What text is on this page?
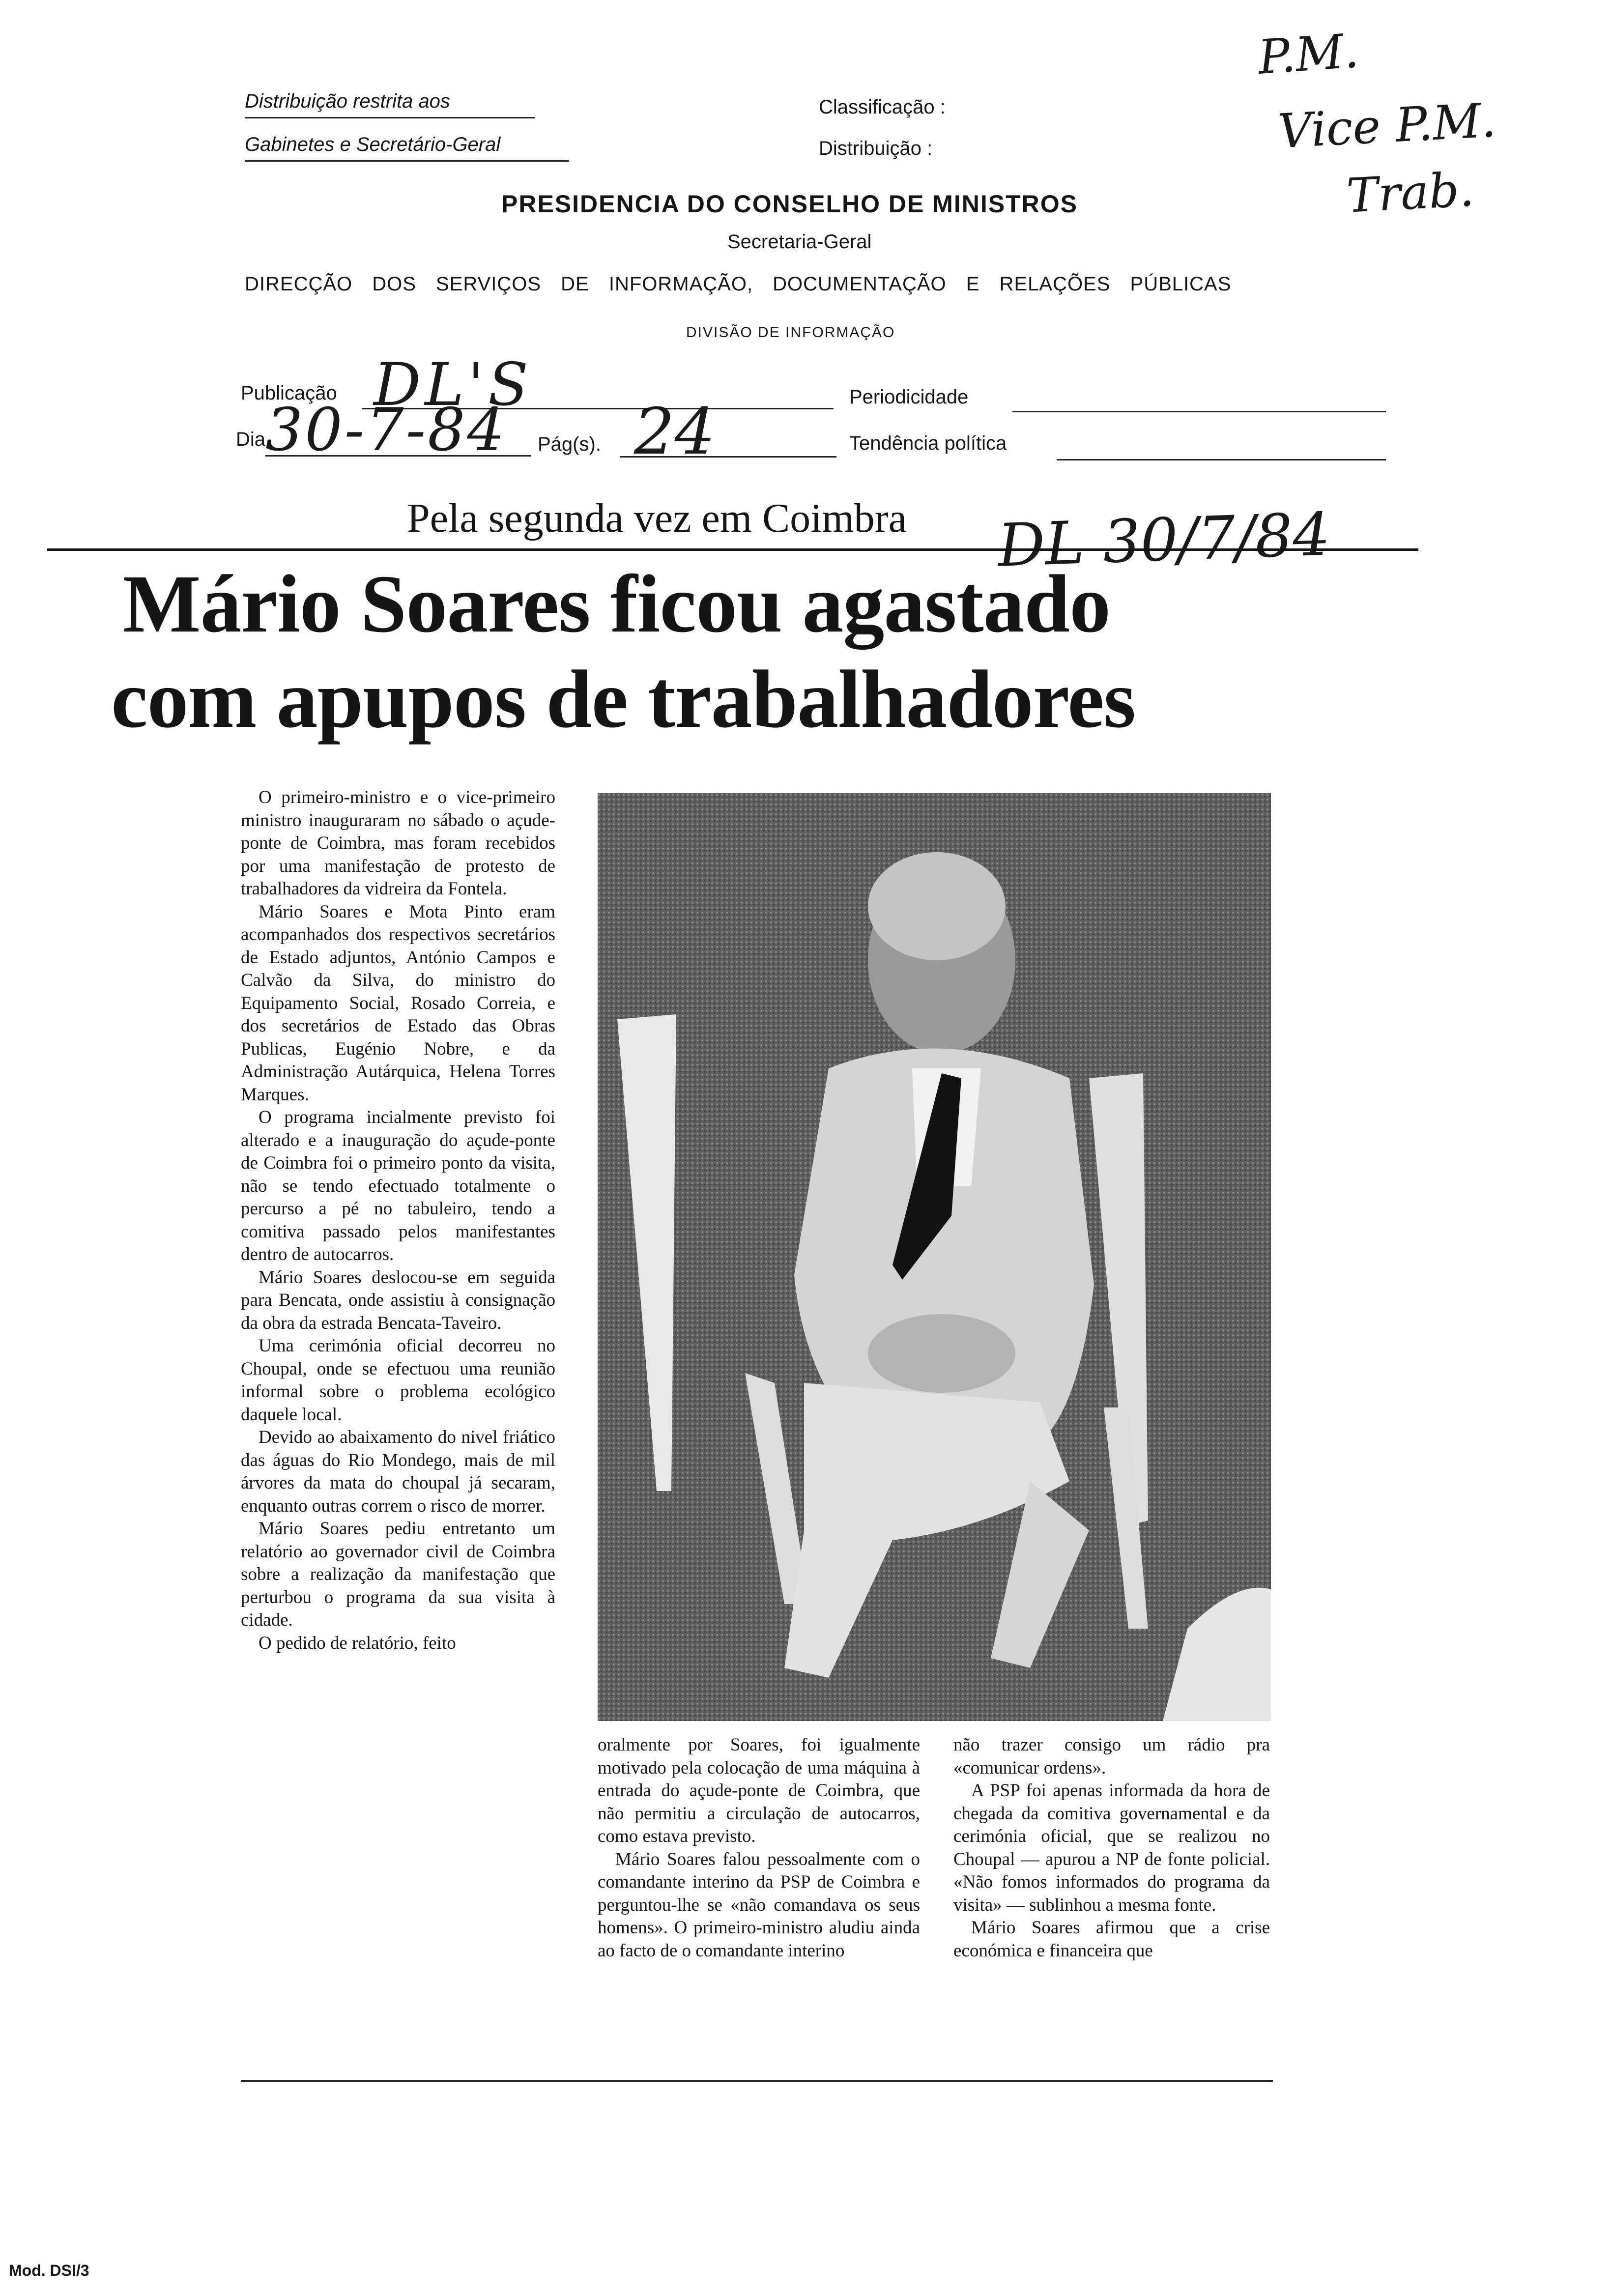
Distribuição restrita aos
Gabinetes e Secretário-Geral
Classificação :
Distribuição :
PRESIDENCIA DO CONSELHO DE MINISTROS
Secretaria-Geral
DIRECÇÃO DOS SERVIÇOS DE INFORMAÇÃO, DOCUMENTAÇÃO E RELAÇÕES PÚBLICAS
DIVISÃO DE INFORMAÇÃO
Publicação DL'S	Periodicidade
Dia 30-7-84 Pág(s). 24	Tendência política
P.M.
Vice P.M.
Trab.
Pela segunda vez em Coimbra DL 30/7/84
Mário Soares ficou agastado
com apupos de trabalhadores

O primeiro-ministro e o vice-primeiro ministro inauguraram no sábado o açude-ponte de Coimbra, mas foram recebidos por uma manifestação de protesto de trabalhadores da vidreira da Fontela.

Mário Soares e Mota Pinto eram acompanhados dos respectivos secretários de Estado adjuntos, António Campos e Calvão da Silva, do ministro do Equipamento Social, Rosado Correia, e dos secretários de Estado das Obras Publicas, Eugénio Nobre, e da Administração Autárquica, Helena Torres Marques.

O programa incialmente previsto foi alterado e a inauguração do açude-ponte de Coimbra foi o primeiro ponto da visita, não se tendo efectuado totalmente o percurso a pé no tabuleiro, tendo a comitiva passado pelos manifestantes dentro de autocarros.

Mário Soares deslocou-se em seguida para Bencata, onde assistiu à consignação da obra da estrada Bencata-Taveiro.

Uma cerimónia oficial decorreu no Choupal, onde se efectuou uma reunião informal sobre o problema ecológico daquele local.

Devido ao abaixamento do nivel friático das águas do Rio Mondego, mais de mil árvores da mata do choupal já secaram, enquanto outras correm o risco de morrer.

Mário Soares pediu entretanto um relatório ao governador civil de Coimbra sobre a realização da manifestação que perturbou o programa da sua visita à cidade.

O pedido de relatório, feito

oralmente por Soares, foi igualmente motivado pela colocação de uma máquina à entrada do açude-ponte de Coimbra, que não permitiu a circulação de autocarros, como estava previsto.

Mário Soares falou pessoalmente com o comandante interino da PSP de Coimbra e perguntou-lhe se «não comandava os seus homens». O primeiro-ministro aludiu ainda ao facto de o comandante interino

não trazer consigo um rádio pra «comunicar ordens».

A PSP foi apenas informada da hora de chegada da comitiva governamental e da cerimónia oficial, que se realizou no Choupal — apurou a NP de fonte policial. «Não fomos informados do programa da visita» — sublinhou a mesma fonte.

Mário Soares afirmou que a crise económica e financeira que

Mod. DSI/3
